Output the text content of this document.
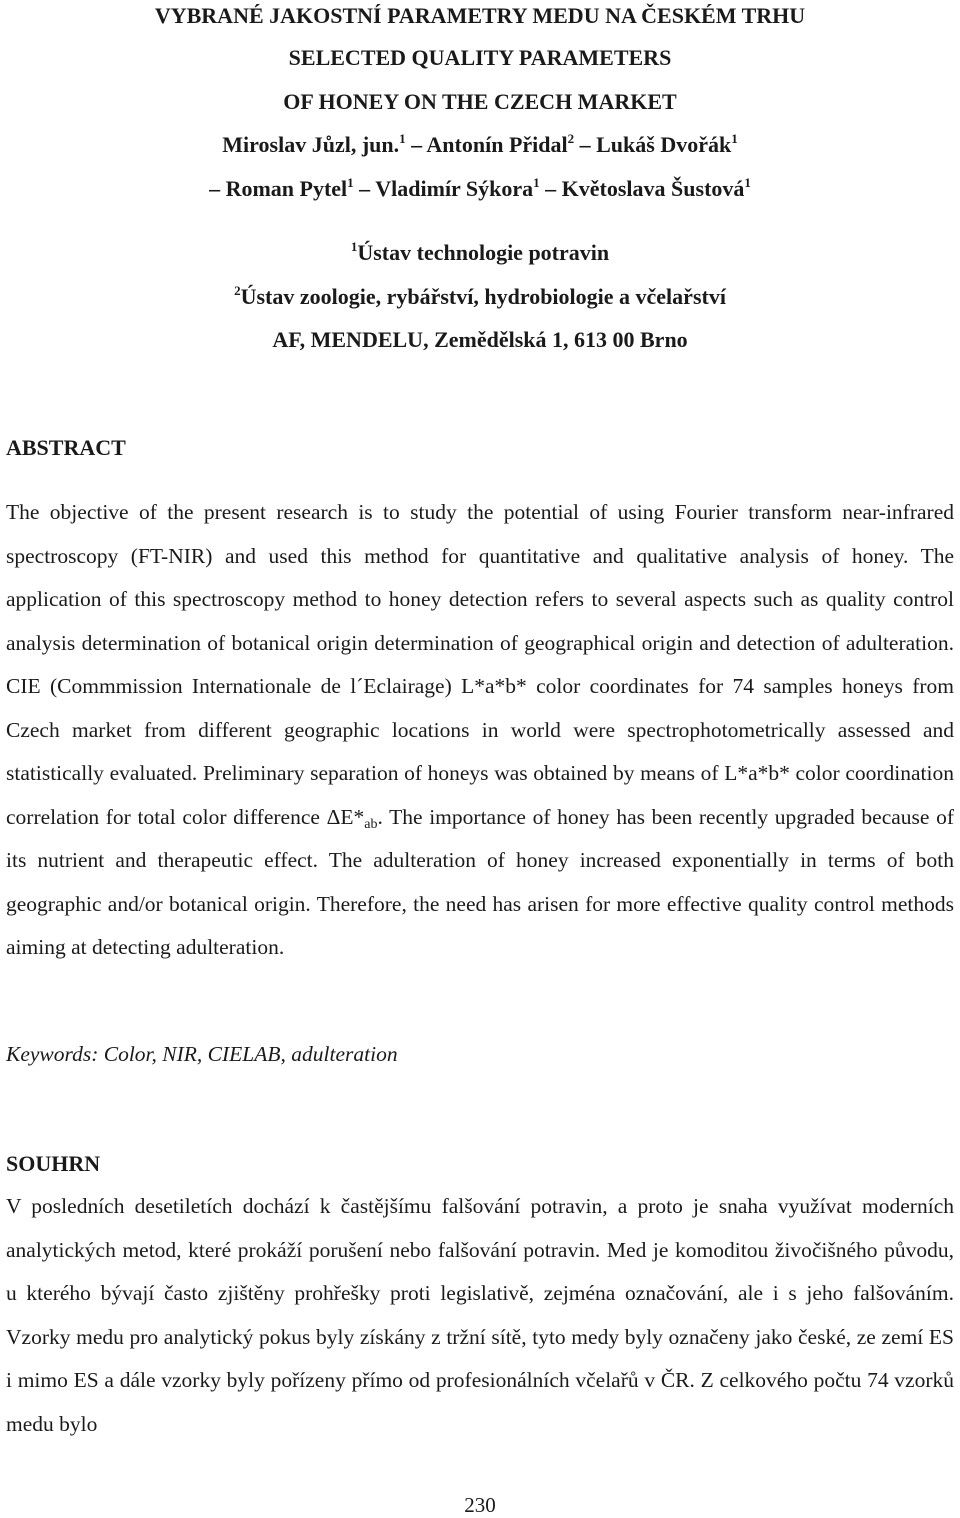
VYBRANÉ JAKOSTNÍ PARAMETRY MEDU NA ČESKÉM TRHU
SELECTED QUALITY PARAMETERS
OF HONEY ON THE CZECH MARKET
Miroslav Jůzl, jun.$^1$ – Antonín Přidal$^2$ – Lukáš Dvořák$^1$
– Roman Pytel$^1$ – Vladimír Sýkora$^1$ – Květoslava Šustová$^1$
$^1$Ústav technologie potravin
$^2$Ústav zoologie, rybářství, hydrobiologie a včelařství
AF, MENDELU, Zemědělská 1, 613 00 Brno
ABSTRACT

The objective of the present research is to study the potential of using Fourier transform near-infrared spectroscopy (FT-NIR) and used this method for quantitative and qualitative analysis of honey. The application of this spectroscopy method to honey detection refers to several aspects such as quality control analysis determination of botanical origin determination of geographical origin and detection of adulteration. CIE (Commmission Internationale de l´Eclairage) L*a*b* color coordinates for 74 samples honeys from Czech market from different geographic locations in world were spectrophotometrically assessed and statistically evaluated. Preliminary separation of honeys was obtained by means of L*a*b* color coordination correlation for total color difference $\Delta E*_{ab}$. The importance of honey has been recently upgraded because of its nutrient and therapeutic effect. The adulteration of honey increased exponentially in terms of both geographic and/or botanical origin. Therefore, the need has arisen for more effective quality control methods aiming at detecting adulteration.

Keywords: Color, NIR, CIELAB, adulteration
SOUHRN

V posledních desetiletích dochází k častějšímu falšování potravin, a proto je snaha využívat moderních analytických metod, které prokáží porušení nebo falšování potravin. Med je komoditou živočišného původu, u kterého bývají často zjištěny prohřešky proti legislativě, zejména označování, ale i s jeho falšováním. Vzorky medu pro analytický pokus byly získány z tržní sítě, tyto medy byly označeny jako české, ze zemí ES i mimo ES a dále vzorky byly pořízeny přímo od profesionálních včelařů v ČR. Z celkového počtu 74 vzorků medu bylo

230
